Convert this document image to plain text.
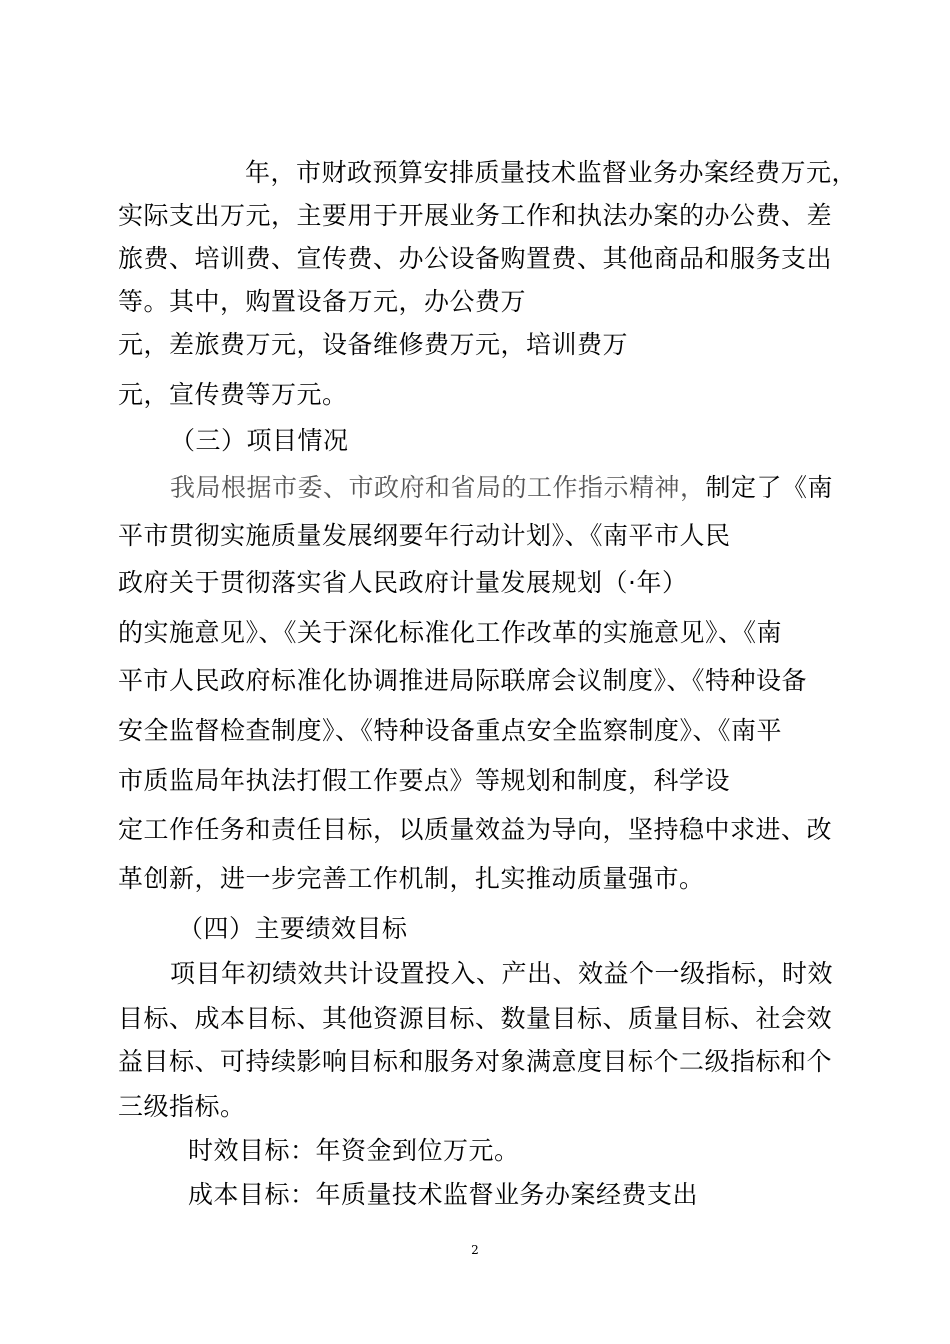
年，市财政预算安排质量技术监督业务办案经费万元，
实际支出万元，主要用于开展业务工作和执法办案的办公费、差
旅费、培训费、宣传费、办公设备购置费、其他商品和服务支出
等。其中，购置设备万元，办公费万
元，差旅费万元，设备维修费万元，培训费万
元，宣传费等万元。
（三）项目情况
我局根据市委、市政府和省局的工作指示精神，制定了《南
平市贯彻实施质量发展纲要年行动计划》、《南平市人民
政府关于贯彻落实省人民政府计量发展规划（·年）
的实施意见》、《关于深化标准化工作改革的实施意见》、《南
平市人民政府标准化协调推进局际联席会议制度》、《特种设备
安全监督检查制度》、《特种设备重点安全监察制度》、《南平
市质监局年执法打假工作要点》等规划和制度，科学设
定工作任务和责任目标，以质量效益为导向，坚持稳中求进、改
革创新，进一步完善工作机制，扎实推动质量强市。
（四）主要绩效目标
项目年初绩效共计设置投入、产出、效益个一级指标，时效
目标、成本目标、其他资源目标、数量目标、质量目标、社会效
益目标、可持续影响目标和服务对象满意度目标个二级指标和个
三级指标。
时效目标：年资金到位万元。
成本目标：年质量技术监督业务办案经费支出
2
